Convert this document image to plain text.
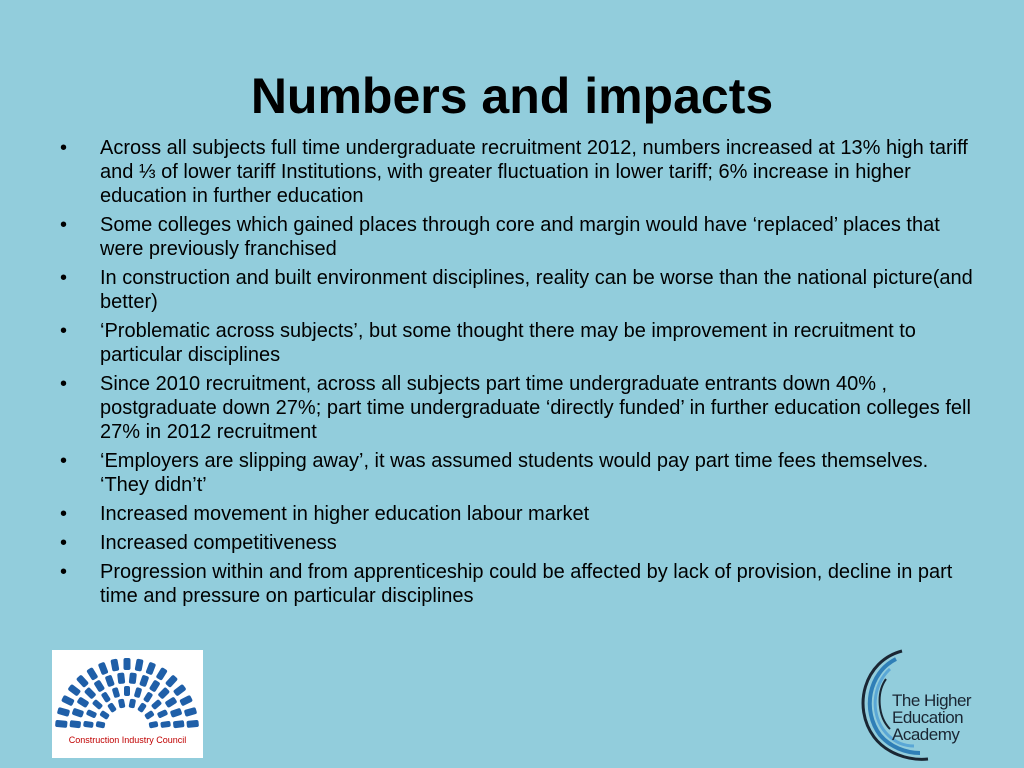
Numbers and impacts
•	Across all subjects full time undergraduate recruitment 2012, numbers increased at 13% high tariff and ⅓ of lower tariff Institutions, with greater fluctuation in lower tariff; 6% increase in higher education in further education
•	Some colleges which gained places through core and margin would have ‘replaced’ places that were previously franchised
•	In construction and built environment disciplines, reality can be worse than the national picture(and better)
•	‘Problematic across subjects’, but some thought there may be improvement in recruitment to particular disciplines
•	Since 2010 recruitment, across all subjects part time undergraduate entrants down 40% , postgraduate down 27%; part time undergraduate ‘directly funded’ in further education colleges fell 27% in 2012 recruitment
•	‘Employers are slipping away’, it was assumed students would pay part time fees themselves. ‘They didn’t’
•	Increased movement in higher education labour market
•	Increased competitiveness
•	Progression within and from apprenticeship could be affected by lack of provision, decline in part time and pressure on particular disciplines
Construction Industry Council
The Higher
Education
Academy
